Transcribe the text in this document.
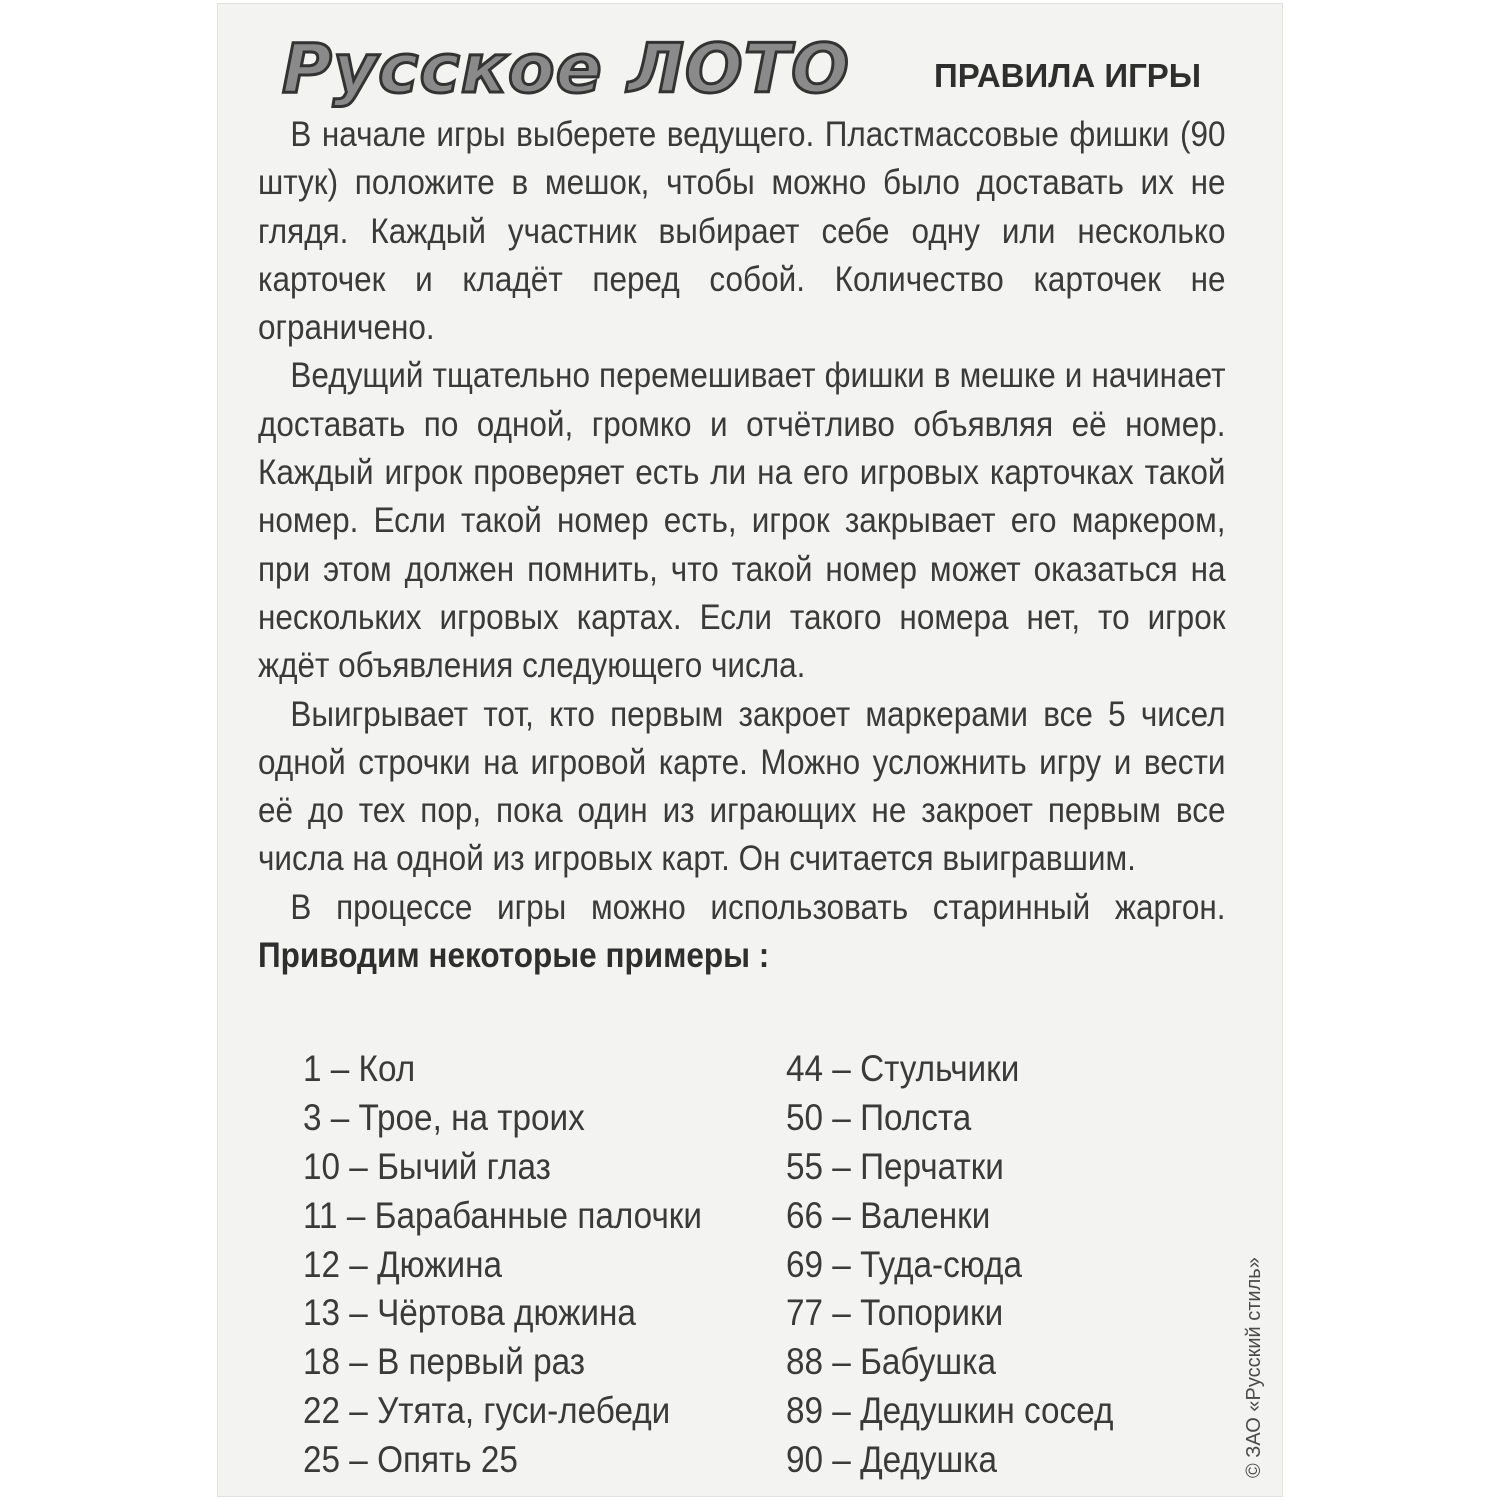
Русское ЛОТО	ПРАВИЛА ИГРЫ

В начале игры выберете ведущего. Пластмассовые фишки (90 штук) положите в мешок, чтобы можно было доставать их не глядя. Каждый участник выбирает себе одну или несколько карточек и кладёт перед собой. Количество карточек не ограничено.

Ведущий тщательно перемешивает фишки в мешке и начинает доставать по одной, громко и отчётливо объявляя её номер. Каждый игрок проверяет есть ли на его игровых карточках такой номер. Если такой номер есть, игрок закрывает его маркером, при этом должен помнить, что такой номер может оказаться на нескольких игровых картах. Если такого номера нет, то игрок ждёт объявления следующего числа.

Выигрывает тот, кто первым закроет маркерами все 5 чисел одной строчки на игровой карте. Можно усложнить игру и вести её до тех пор, пока один из играющих не закроет первым все числа на одной из игровых карт. Он считается выигравшим.

В процессе игры можно использовать старинный жаргон. Приводим некоторые примеры :

1 – Кол
3 – Трое, на троих
10 – Бычий глаз
11 – Барабанные палочки
12 – Дюжина
13 – Чёртова дюжина
18 – В первый раз
22 – Утята, гуси-лебеди
25 – Опять 25
44 – Стульчики
50 – Полста
55 – Перчатки
66 – Валенки
69 – Туда-сюда
77 – Топорики
88 – Бабушка
89 – Дедушкин сосед
90 – Дедушка	© ЗАО «Русский стиль»
